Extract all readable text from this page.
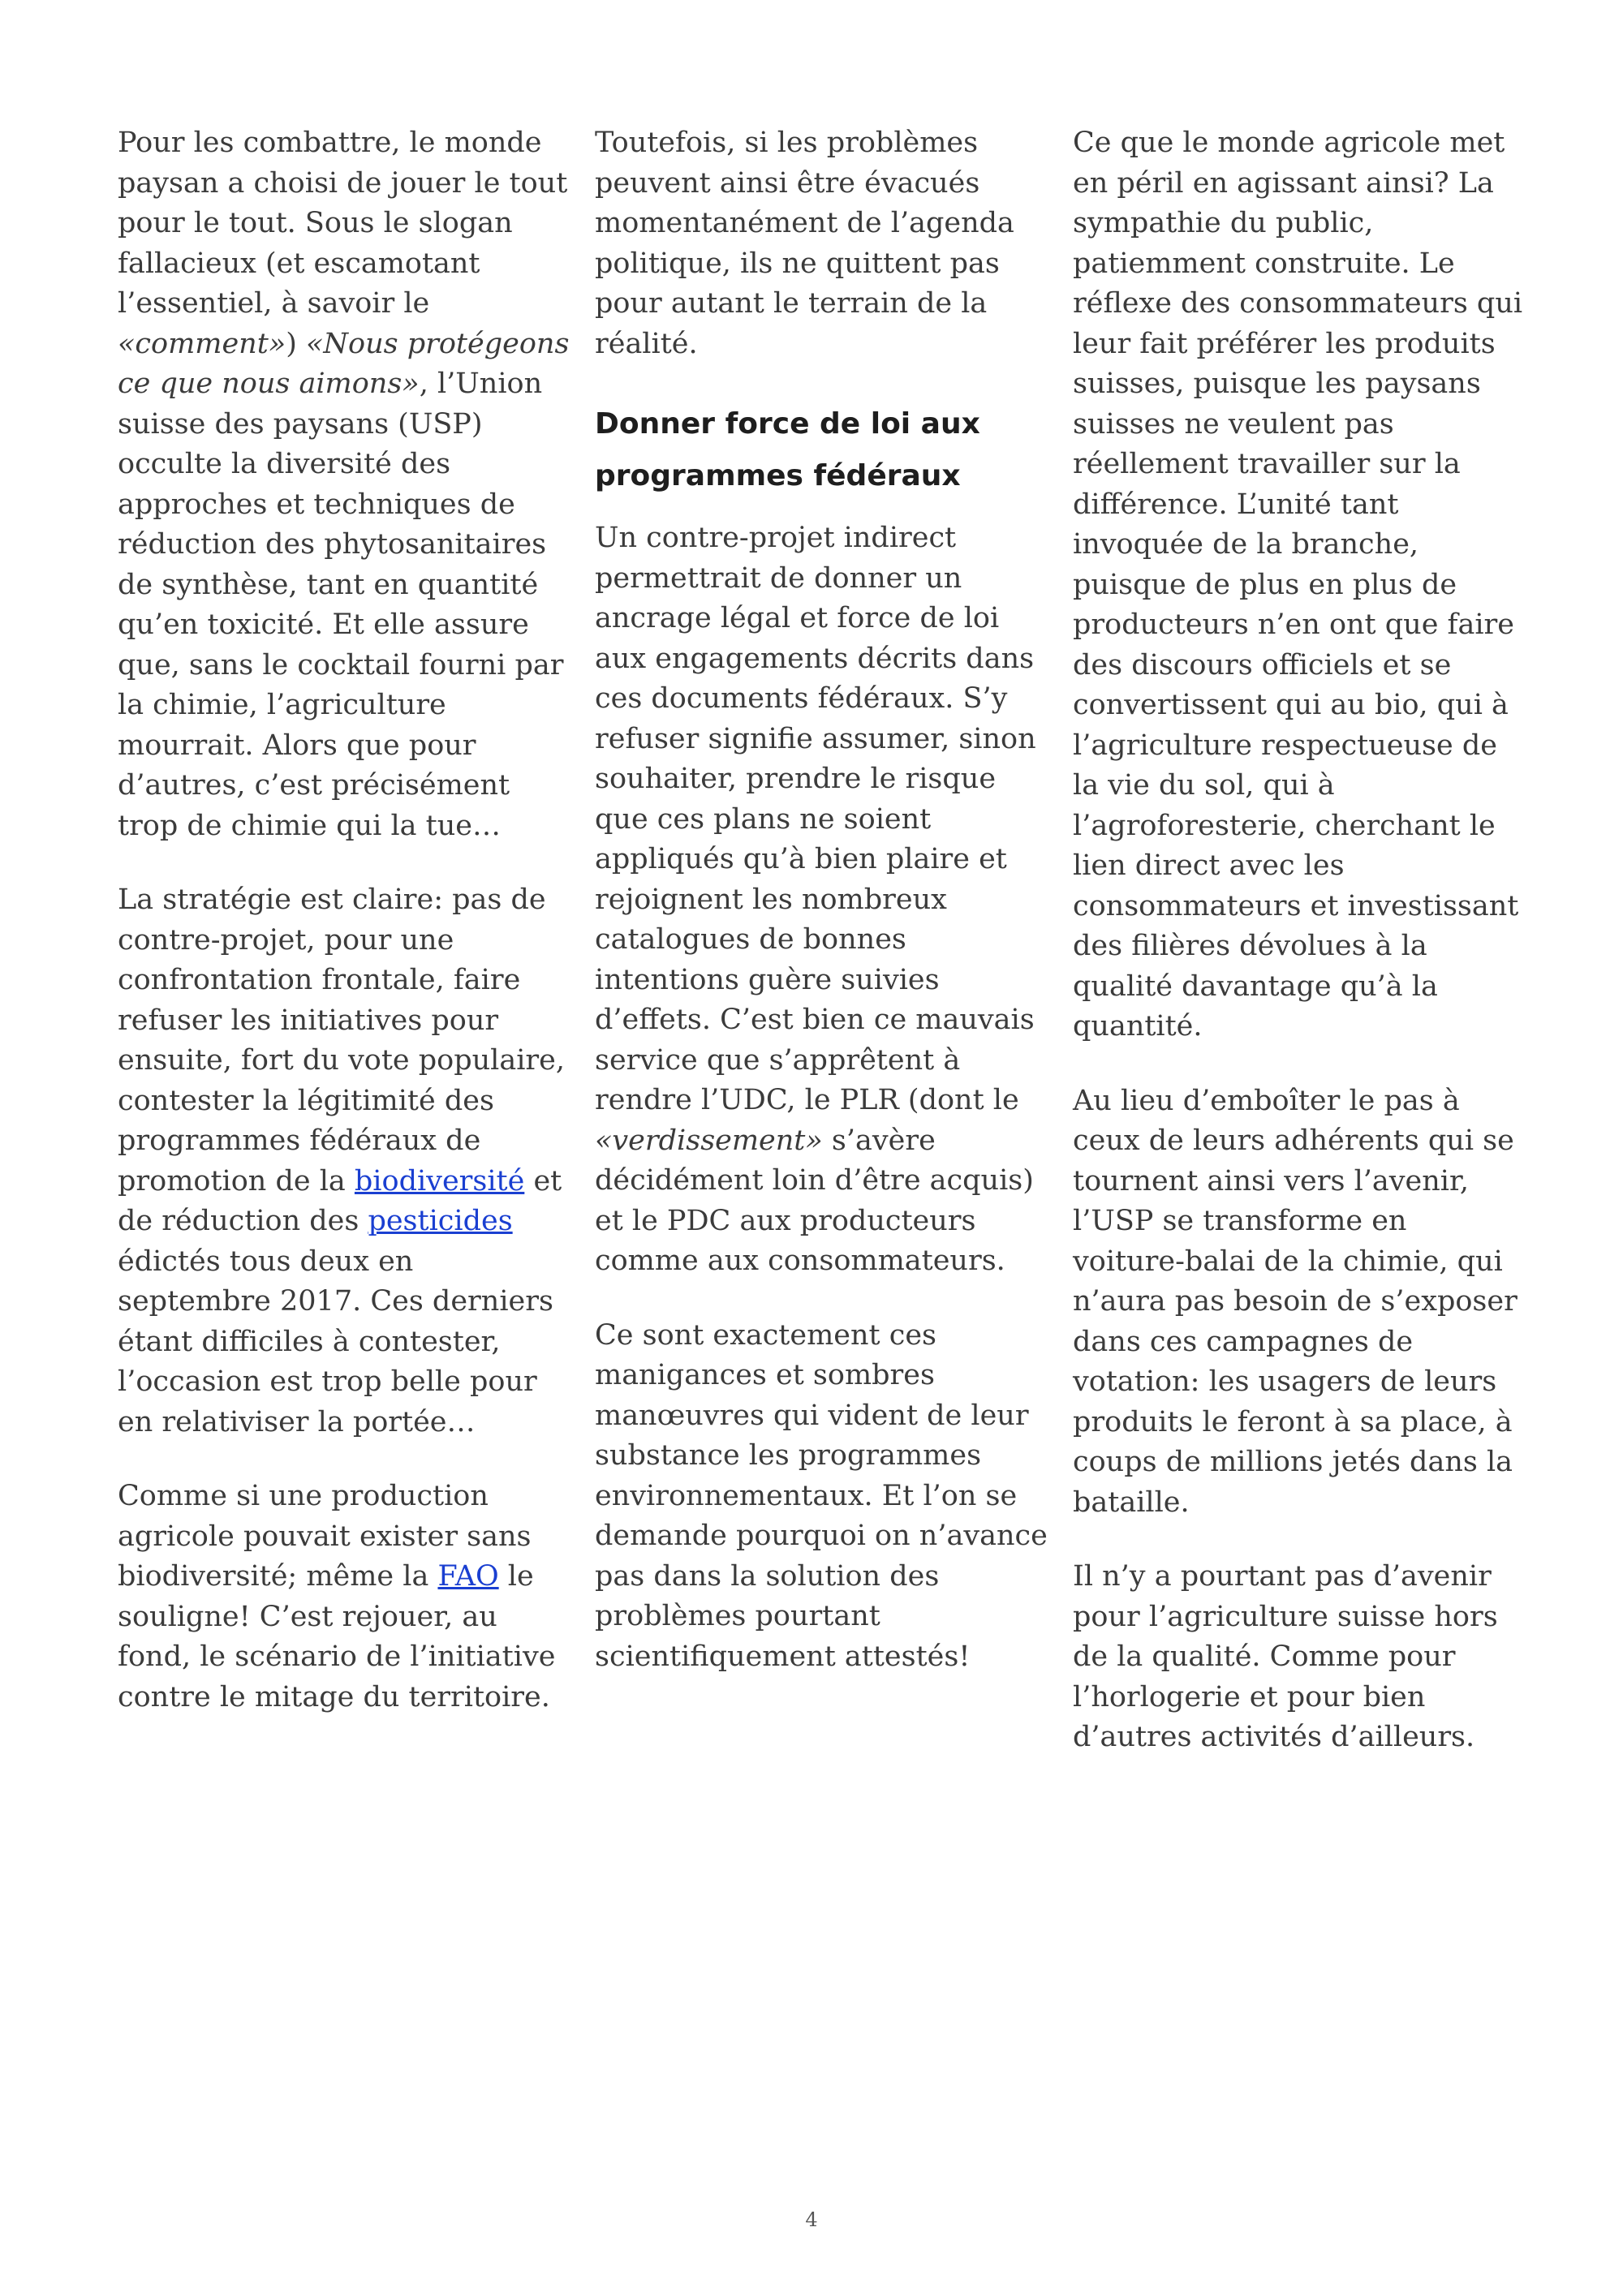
Pour les combattre, le monde paysan a choisi de jouer le tout pour le tout. Sous le slogan fallacieux (et escamotant l’essentiel, à savoir le «comment») «Nous protégeons ce que nous aimons», l’Union suisse des paysans (USP) occulte la diversité des approches et techniques de réduction des phytosanitaires de synthèse, tant en quantité qu’en toxicité. Et elle assure que, sans le cocktail fourni par la chimie, l’agriculture mourrait. Alors que pour d’autres, c’est précisément trop de chimie qui la tue…

La stratégie est claire: pas de contre-projet, pour une confrontation frontale, faire refuser les initiatives pour ensuite, fort du vote populaire, contester la légitimité des programmes fédéraux de promotion de la biodiversité et de réduction des pesticides édictés tous deux en septembre 2017. Ces derniers étant difficiles à contester, l’occasion est trop belle pour en relativiser la portée…

Comme si une production agricole pouvait exister sans biodiversité; même la FAO le souligne! C’est rejouer, au fond, le scénario de l’initiative contre le mitage du territoire.

Toutefois, si les problèmes peuvent ainsi être évacués momentanément de l’agenda politique, ils ne quittent pas pour autant le terrain de la réalité.

Donner force de loi aux programmes fédéraux

Un contre-projet indirect permettrait de donner un ancrage légal et force de loi aux engagements décrits dans ces documents fédéraux. S’y refuser signifie assumer, sinon souhaiter, prendre le risque que ces plans ne soient appliqués qu’à bien plaire et rejoignent les nombreux catalogues de bonnes intentions guère suivies d’effets. C’est bien ce mauvais service que s’apprêtent à rendre l’UDC, le PLR (dont le «verdissement» s’avère décidément loin d’être acquis) et le PDC aux producteurs comme aux consommateurs.

Ce sont exactement ces manigances et sombres manœuvres qui vident de leur substance les programmes environnementaux. Et l’on se demande pourquoi on n’avance pas dans la solution des problèmes pourtant scientifiquement attestés!

Ce que le monde agricole met en péril en agissant ainsi? La sympathie du public, patiemment construite. Le réflexe des consommateurs qui leur fait préférer les produits suisses, puisque les paysans suisses ne veulent pas réellement travailler sur la différence. L’unité tant invoquée de la branche, puisque de plus en plus de producteurs n’en ont que faire des discours officiels et se convertissent qui au bio, qui à l’agriculture respectueuse de la vie du sol, qui à l’agroforesterie, cherchant le lien direct avec les consommateurs et investissant des filières dévolues à la qualité davantage qu’à la quantité.

Au lieu d’emboîter le pas à ceux de leurs adhérents qui se tournent ainsi vers l’avenir, l’USP se transforme en voiture-balai de la chimie, qui n’aura pas besoin de s’exposer dans ces campagnes de votation: les usagers de leurs produits le feront à sa place, à coups de millions jetés dans la bataille.

Il n’y a pourtant pas d’avenir pour l’agriculture suisse hors de la qualité. Comme pour l’horlogerie et pour bien d’autres activités d’ailleurs.

4
